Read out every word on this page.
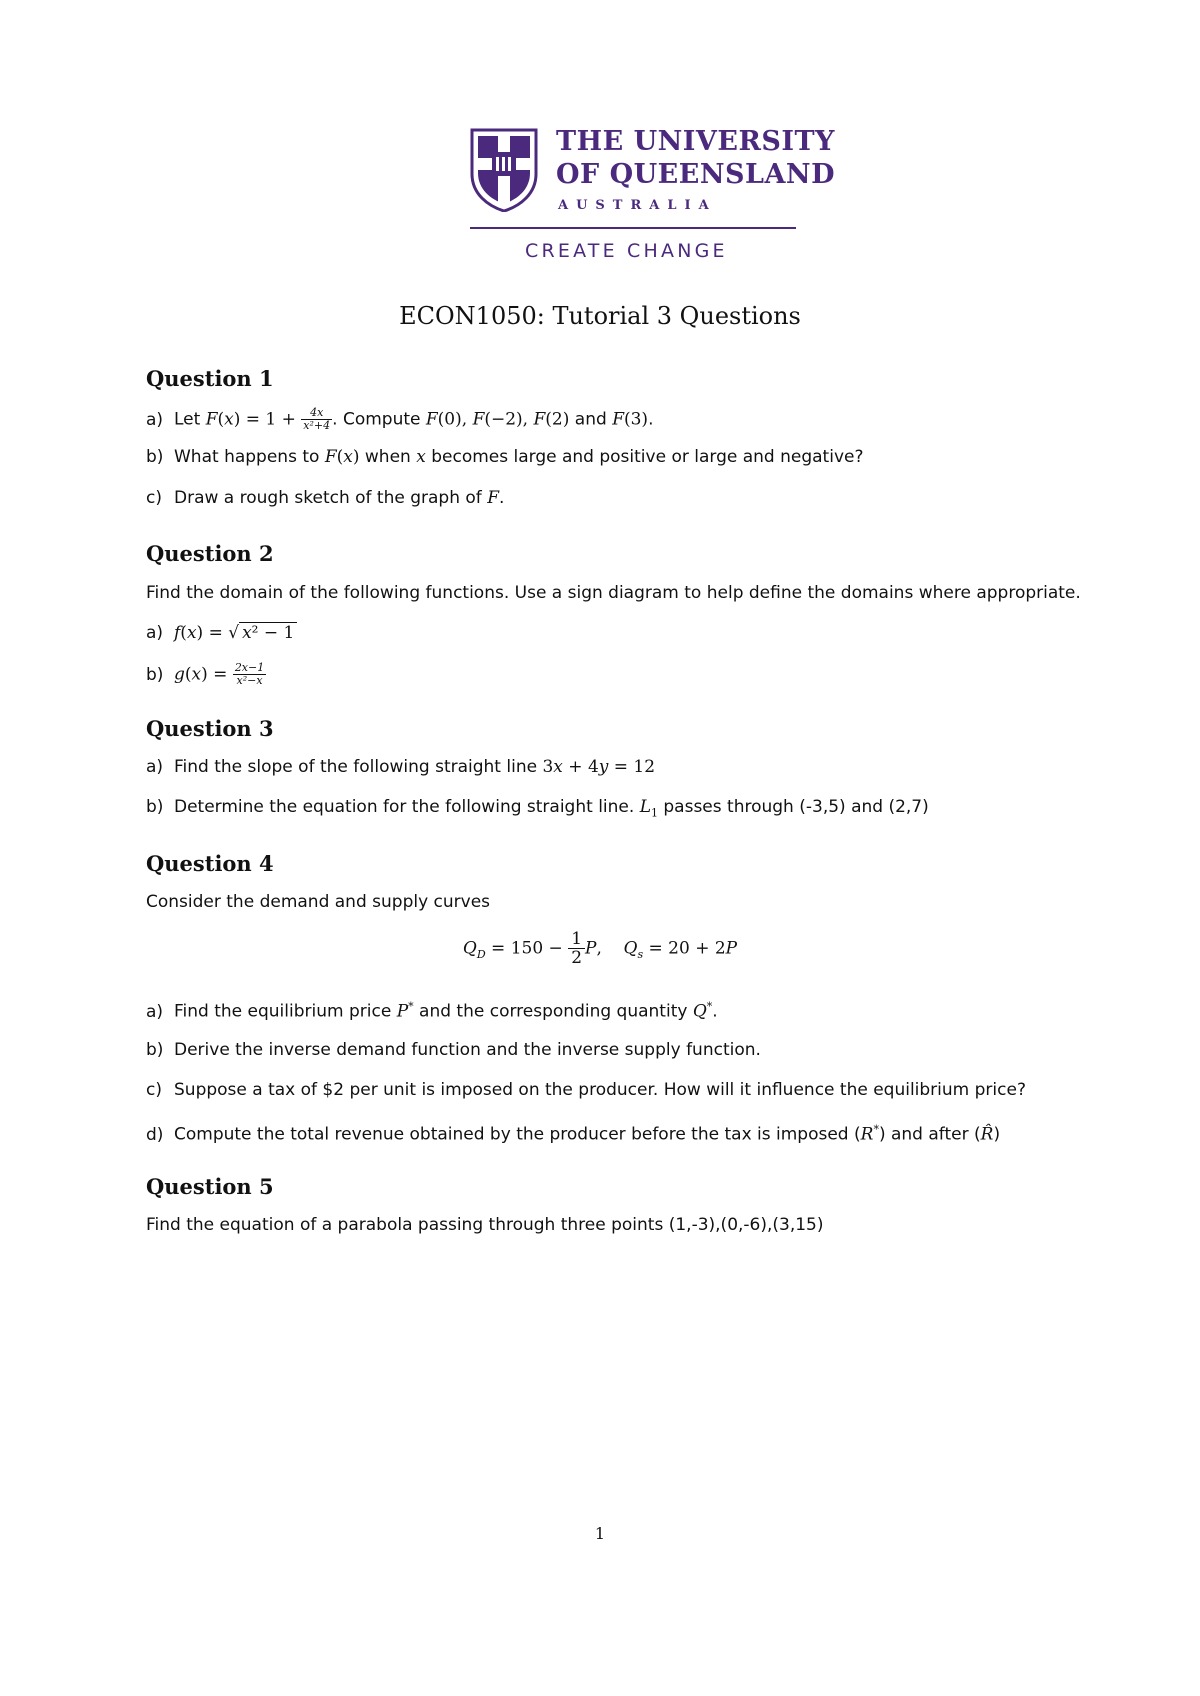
THE UNIVERSITY
OF QUEENSLAND
AUSTRALIA
CREATE CHANGE
ECON1050: Tutorial 3 Questions
Question 1
a) Let $F(x) = 1 + \frac{4x}{\text{x²+4}}$ . Compute F(0), F(−2), F(2) and F(3).
b) What happens to F(x) when x becomes large and positive or large and negative?
c) Draw a rough sketch of the graph of F.
Question 2
Find the domain of the following functions. Use a sign diagram to help define the domains where appropriate.
a) f(x) = √ x² − 1
b) $g(x) = \frac{2x-1}{\text{x²−x}}$
Question 3
a) Find the slope of the following straight line 3x + 4y = 12
b) Determine the equation for the following straight line. $L_1$ passes through (-3,5) and (2,7)
Question 4
Consider the demand and supply curves
$Q_D = 150 - \frac{1}{2} P$,    $Q_s = 20 + 2P$
a) Find the equilibrium price P* and the corresponding quantity Q*.
b) Derive the inverse demand function and the inverse supply function.
c) Suppose a tax of $2 per unit is imposed on the producer. How will it influence the equilibrium price?
d) Compute the total revenue obtained by the producer before the tax is imposed (R*) and after (R̂)
Question 5
Find the equation of a parabola passing through three points (1,-3),(0,-6),(3,15)
1
